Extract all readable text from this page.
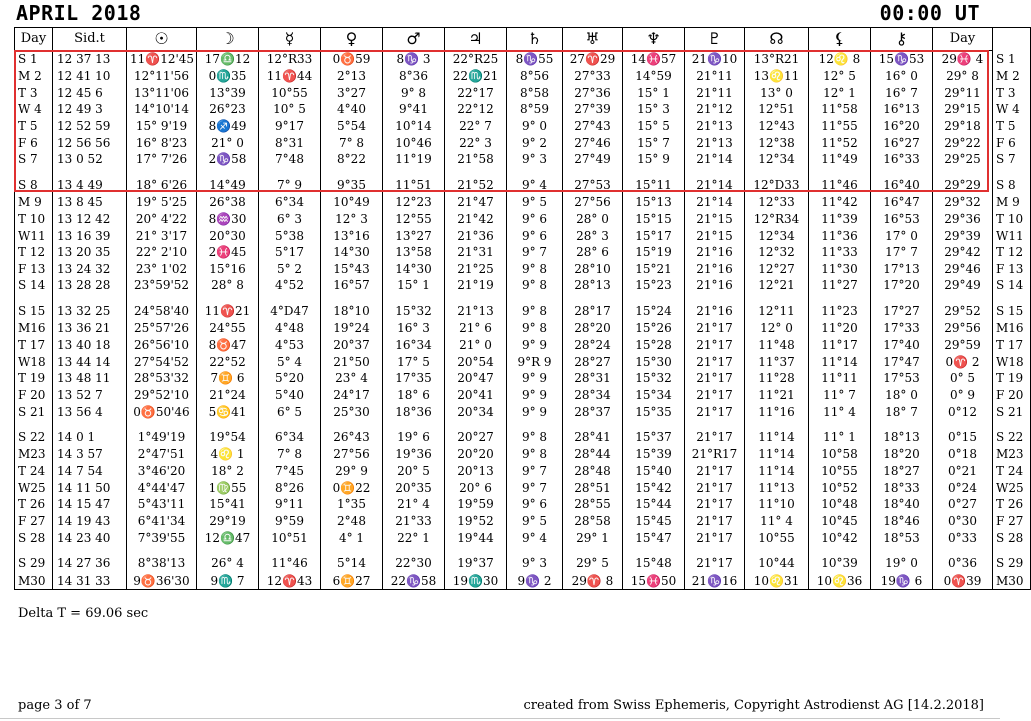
APRIL 2018	00:00 UT
Day	Sid.t	☉	☽	☿	♀	♂	♃	♄	♅	♆	♇	☊	⚸	⚷	Day	
S 1	12 37 13	11♈12'45	17♎12	12°R33	0♉59	8♑ 3	22°R25	8♑55	27♈29	14♓57	21♑10	13°R21	12♌ 8	15♑53	29♓ 4	S 1
M 2	12 41 10	12°11'56	0♏35	11♈44	2°13	8°36	22♏21	8°56	27°33	14°59	21°11	13♌11	12° 5	16° 0	29° 8	M 2
T 3	12 45 6	13°11'06	13°39	10°55	3°27	9° 8	22°17	8°58	27°36	15° 1	21°11	13° 0	12° 1	16° 7	29°11	T 3
W 4	12 49 3	14°10'14	26°23	10° 5	4°40	9°41	22°12	8°59	27°39	15° 3	21°12	12°51	11°58	16°13	29°15	W 4
T 5	12 52 59	15° 9'19	8♐49	9°17	5°54	10°14	22° 7	9° 0	27°43	15° 5	21°13	12°43	11°55	16°20	29°18	T 5
F 6	12 56 56	16° 8'23	21° 0	8°31	7° 8	10°46	22° 3	9° 2	27°46	15° 7	21°13	12°38	11°52	16°27	29°22	F 6
S 7	13 0 52	17° 7'26	2♑58	7°48	8°22	11°19	21°58	9° 3	27°49	15° 9	21°14	12°34	11°49	16°33	29°25	S 7
S 8	13 4 49	18° 6'26	14°49	7° 9	9°35	11°51	21°52	9° 4	27°53	15°11	21°14	12°D33	11°46	16°40	29°29	S 8
M 9	13 8 45	19° 5'25	26°38	6°34	10°49	12°23	21°47	9° 5	27°56	15°13	21°14	12°33	11°42	16°47	29°32	M 9
T 10	13 12 42	20° 4'22	8♒30	6° 3	12° 3	12°55	21°42	9° 6	28° 0	15°15	21°15	12°R34	11°39	16°53	29°36	T 10
W11	13 16 39	21° 3'17	20°30	5°38	13°16	13°27	21°36	9° 6	28° 3	15°17	21°15	12°34	11°36	17° 0	29°39	W11
T 12	13 20 35	22° 2'10	2♓45	5°17	14°30	13°58	21°31	9° 7	28° 6	15°19	21°16	12°32	11°33	17° 7	29°42	T 12
F 13	13 24 32	23° 1'02	15°16	5° 2	15°43	14°30	21°25	9° 8	28°10	15°21	21°16	12°27	11°30	17°13	29°46	F 13
S 14	13 28 28	23°59'52	28° 8	4°52	16°57	15° 1	21°19	9° 8	28°13	15°23	21°16	12°21	11°27	17°20	29°49	S 14
S 15	13 32 25	24°58'40	11♈21	4°D47	18°10	15°32	21°13	9° 8	28°17	15°24	21°16	12°11	11°23	17°27	29°52	S 15
M16	13 36 21	25°57'26	24°55	4°48	19°24	16° 3	21° 6	9° 8	28°20	15°26	21°17	12° 0	11°20	17°33	29°56	M16
T 17	13 40 18	26°56'10	8♉47	4°53	20°37	16°34	21° 0	9° 9	28°24	15°28	21°17	11°48	11°17	17°40	29°59	T 17
W18	13 44 14	27°54'52	22°52	5° 4	21°50	17° 5	20°54	9°R 9	28°27	15°30	21°17	11°37	11°14	17°47	0♈ 2	W18
T 19	13 48 11	28°53'32	7♊ 6	5°20	23° 4	17°35	20°47	9° 9	28°31	15°32	21°17	11°28	11°11	17°53	0° 5	T 19
F 20	13 52 7	29°52'10	21°24	5°40	24°17	18° 6	20°41	9° 9	28°34	15°34	21°17	11°21	11° 7	18° 0	0° 9	F 20
S 21	13 56 4	0♉50'46	5♋41	6° 5	25°30	18°36	20°34	9° 9	28°37	15°35	21°17	11°16	11° 4	18° 7	0°12	S 21
S 22	14 0 1	1°49'19	19°54	6°34	26°43	19° 6	20°27	9° 8	28°41	15°37	21°17	11°14	11° 1	18°13	0°15	S 22
M23	14 3 57	2°47'51	4♌ 1	7° 8	27°56	19°36	20°20	9° 8	28°44	15°39	21°R17	11°14	10°58	18°20	0°18	M23
T 24	14 7 54	3°46'20	18° 2	7°45	29° 9	20° 5	20°13	9° 7	28°48	15°40	21°17	11°14	10°55	18°27	0°21	T 24
W25	14 11 50	4°44'47	1♍55	8°26	0♊22	20°35	20° 6	9° 7	28°51	15°42	21°17	11°13	10°52	18°33	0°24	W25
T 26	14 15 47	5°43'11	15°41	9°11	1°35	21° 4	19°59	9° 6	28°55	15°44	21°17	11°10	10°48	18°40	0°27	T 26
F 27	14 19 43	6°41'34	29°19	9°59	2°48	21°33	19°52	9° 5	28°58	15°45	21°17	11° 4	10°45	18°46	0°30	F 27
S 28	14 23 40	7°39'55	12♎47	10°51	4° 1	22° 1	19°44	9° 4	29° 1	15°47	21°17	10°55	10°42	18°53	0°33	S 28
S 29	14 27 36	8°38'13	26° 4	11°46	5°14	22°30	19°37	9° 3	29° 5	15°48	21°17	10°44	10°39	19° 0	0°36	S 29
M30	14 31 33	9♉36'30	9♏ 7	12♈43	6♊27	22♑58	19♏30	9♑ 2	29♈ 8	15♓50	21♑16	10♌31	10♌36	19♑ 6	0♈39	M30
Delta T = 69.06 sec
page 3 of 7	created from Swiss Ephemeris, Copyright Astrodienst AG [14.2.2018]
